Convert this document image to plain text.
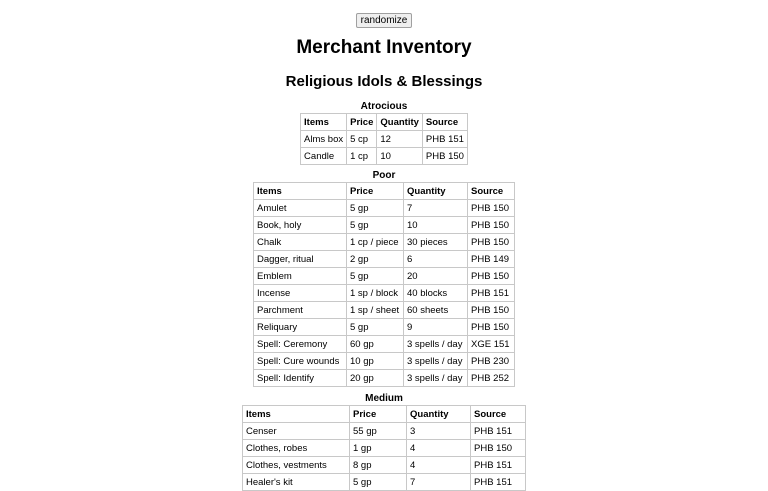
randomize
Merchant Inventory
Religious Idols & Blessings
Atrocious
Items	Price	Quantity	Source
Alms box	5 cp	12	PHB 151
Candle	1 cp	10	PHB 150
Poor
Items	Price	Quantity	Source
Amulet	5 gp	7	PHB 150
Book, holy	5 gp	10	PHB 150
Chalk	1 cp / piece	30 pieces	PHB 150
Dagger, ritual	2 gp	6	PHB 149
Emblem	5 gp	20	PHB 150
Incense	1 sp / block	40 blocks	PHB 151
Parchment	1 sp / sheet	60 sheets	PHB 150
Reliquary	5 gp	9	PHB 150
Spell: Ceremony	60 gp	3 spells / day	XGE 151
Spell: Cure wounds	10 gp	3 spells / day	PHB 230
Spell: Identify	20 gp	3 spells / day	PHB 252
Medium
Items	Price	Quantity	Source
Censer	55 gp	3	PHB 151
Clothes, robes	1 gp	4	PHB 150
Clothes, vestments	8 gp	4	PHB 151
Healer's kit	5 gp	7	PHB 151
